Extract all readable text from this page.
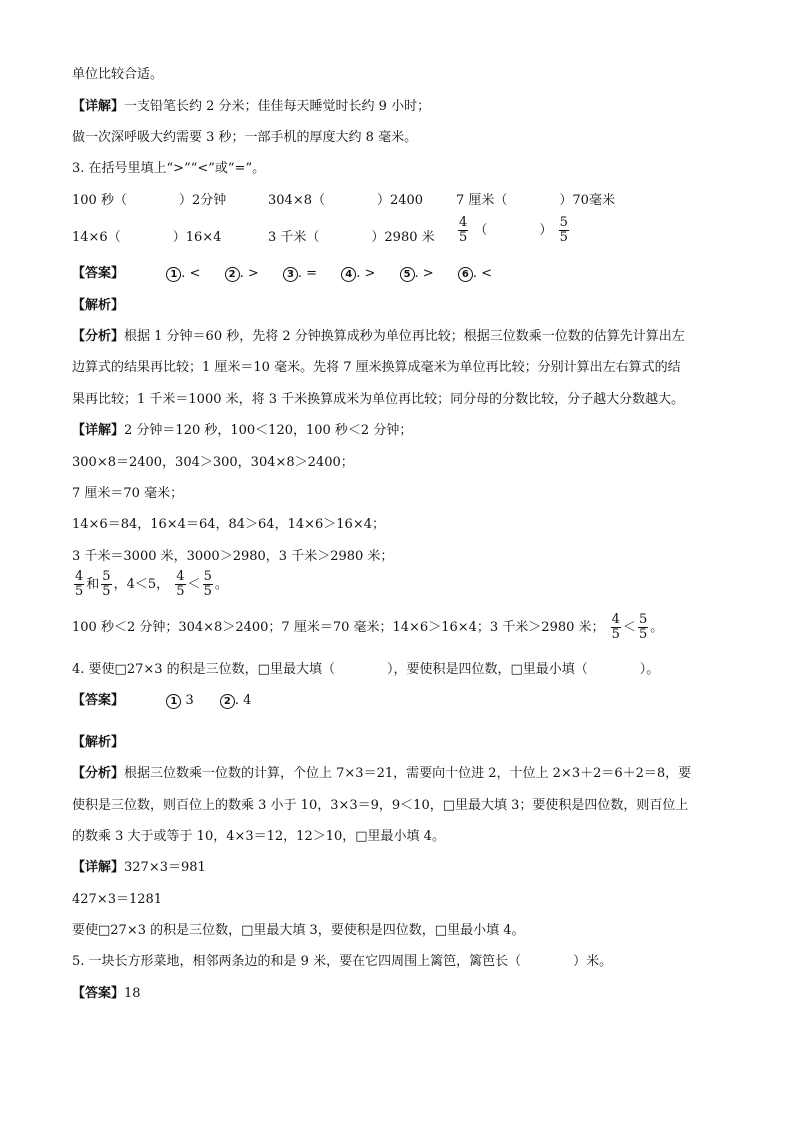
单位比较合适。
【详解】一支铅笔长约 2 分米；佳佳每天睡觉时长约 9 小时；
做一次深呼吸大约需要 3 秒；一部手机的厚度大约 8 毫米。
3. 在括号里填上“>”“<”或“=”。
100 秒（　　　　）2分钟	304×8（　　　　）2400	7 厘米（　　　　）70毫米
14×6（　　　　）16×4	3 千米（　　　　）2980 米 $\frac{4}{5}$ （　　　　） $\frac{5}{5}$
【答案】	1 . <	2 . >	3 . =	4 . >	5 . >	6 . <
【解析】
【分析】根据 1 分钟＝60 秒，先将 2 分钟换算成秒为单位再比较；根据三位数乘一位数的估算先计算出左
边算式的结果再比较；1 厘米＝10 毫米。先将 7 厘米换算成毫米为单位再比较；分别计算出左右算式的结
果再比较；1 千米＝1000 米，将 3 千米换算成米为单位再比较；同分母的分数比较，分子越大分数越大。
【详解】2 分钟＝120 秒，100＜120，100 秒＜2 分钟；
300×8＝2400，304＞300，304×8＞2400；
7 厘米＝70 毫米；
14×6＝84，16×4＝64，84＞64，14×6＞16×4；
3 千米＝3000 米，3000＞2980，3 千米＞2980 米；
$\frac{4}{5}$ 和 $\frac{5}{5}$ ，4＜5， $\frac{4}{5} < \frac{5}{5}$ 。
100 秒＜2 分钟；304×8＞2400；7 厘米＝70 毫米；14×6＞16×4；3 千米＞2980 米； $\frac{4}{5} < \frac{5}{5}$ 。
4. 要使□27×3 的积是三位数，□里最大填（　　　　），要使积是四位数，□里最小填（　　　　）。
【答案】	1 3	2 . 4
【解析】
【分析】根据三位数乘一位数的计算，个位上 7×3＝21，需要向十位进 2，十位上 2×3＋2＝6＋2＝8，要
使积是三位数，则百位上的数乘 3 小于 10，3×3＝9，9＜10，□里最大填 3；要使积是四位数，则百位上
的数乘 3 大于或等于 10，4×3＝12，12＞10，□里最小填 4。
【详解】327×3＝981
427×3＝1281
要使□27×3 的积是三位数，□里最大填 3，要使积是四位数，□里最小填 4。
5. 一块长方形菜地，相邻两条边的和是 9 米，要在它四周围上篱笆，篱笆长（　　　　）米。
【答案】18
